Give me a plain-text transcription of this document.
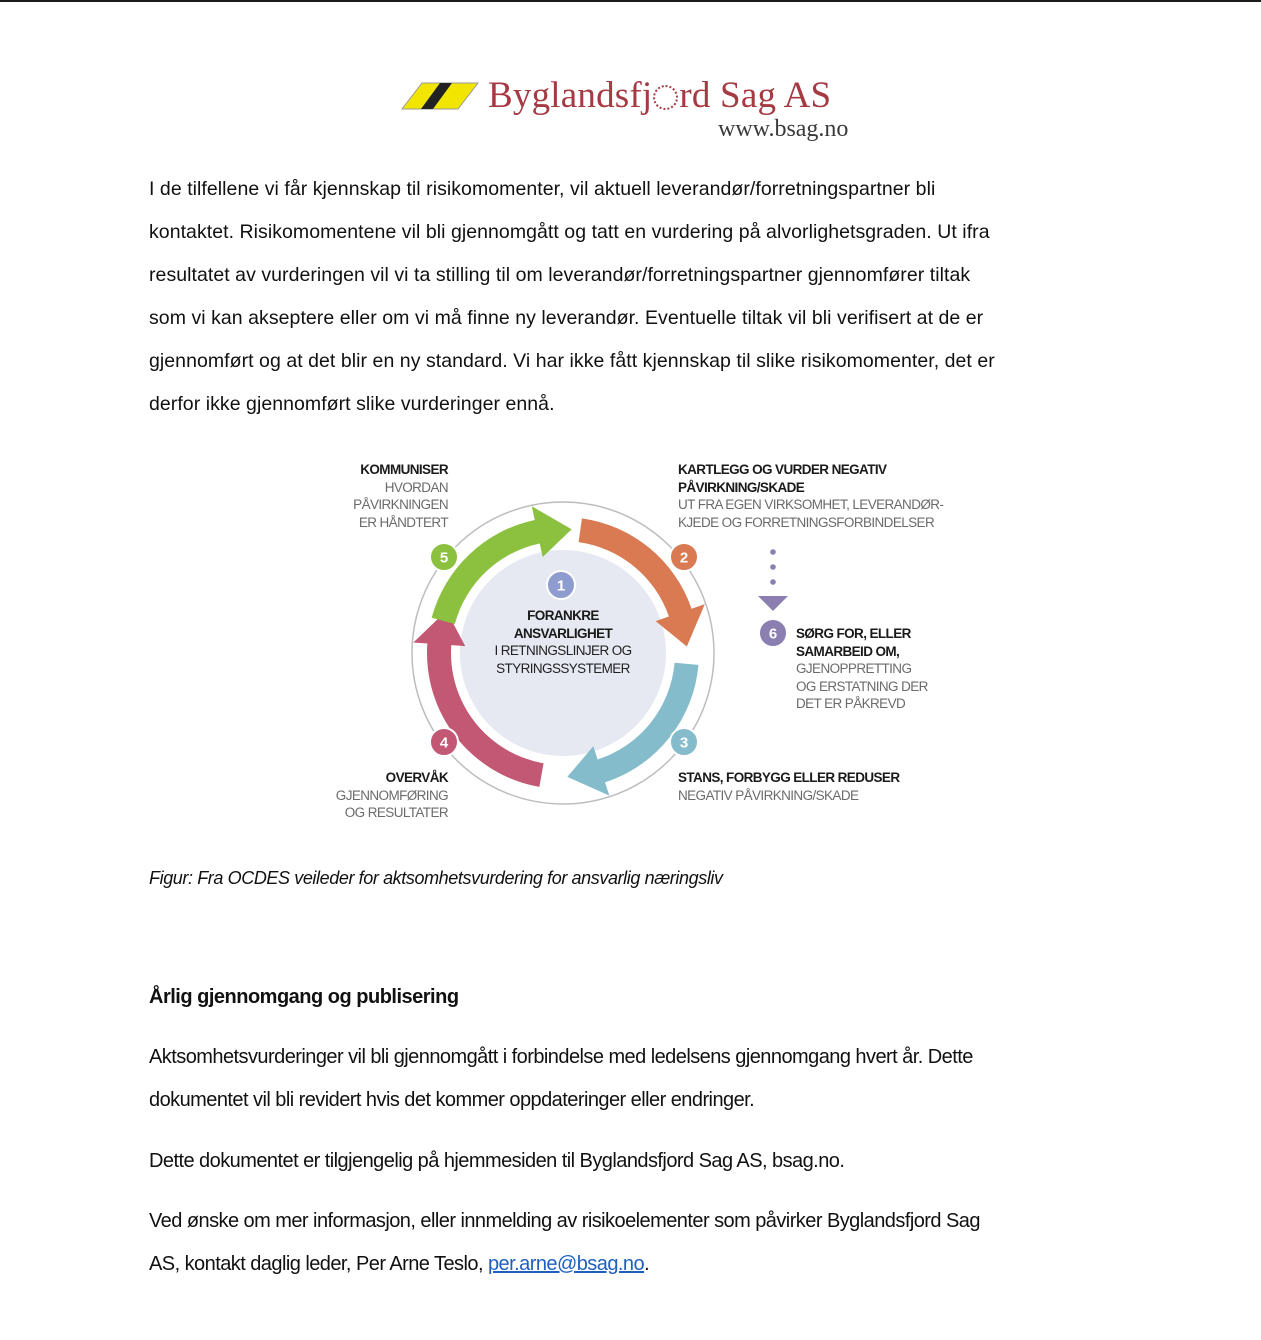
Byglandsfj rd Sag AS
www.bsag.no
I de tilfellene vi får kjennskap til risikomomenter, vil aktuell leverandør/forretningspartner bli
kontaktet. Risikomomentene vil bli gjennomgått og tatt en vurdering på alvorlighetsgraden. Ut ifra
resultatet av vurderingen vil vi ta stilling til om leverandør/forretningspartner gjennomfører tiltak
som vi kan akseptere eller om vi må finne ny leverandør. Eventuelle tiltak vil bli verifisert at de er
gjennomført og at det blir en ny standard. Vi har ikke fått kjennskap til slike risikomomenter, det er
derfor ikke gjennomført slike vurderinger ennå.
1
2
3
4
5
6
FORANKRE
ANSVARLIGHET
I RETNINGSLINJER OG
STYRINGSSYSTEMER
KARTLEGG OG VURDER NEGATIV
PÅVIRKNING/SKADE
UT FRA EGEN VIRKSOMHET, LEVERANDØR-
KJEDE OG FORRETNINGSFORBINDELSER
STANS, FORBYGG ELLER REDUSER
NEGATIV PÅVIRKNING/SKADE
OVERVÅK
GJENNOMFØRING
OG RESULTATER
KOMMUNISER
HVORDAN
PÅVIRKNINGEN
ER HÅNDTERT
SØRG FOR, ELLER
SAMARBEID OM,
GJENOPPRETTING
OG ERSTATNING DER
DET ER PÅKREVD
Figur: Fra OCDES veileder for aktsomhetsvurdering for ansvarlig næringsliv
Årlig gjennomgang og publisering
Aktsomhetsvurderinger vil bli gjennomgått i forbindelse med ledelsens gjennomgang hvert år. Dette
dokumentet vil bli revidert hvis det kommer oppdateringer eller endringer.
Dette dokumentet er tilgjengelig på hjemmesiden til Byglandsfjord Sag AS, bsag.no.
Ved ønske om mer informasjon, eller innmelding av risikoelementer som påvirker Byglandsfjord Sag
AS, kontakt daglig leder, Per Arne Teslo, per.arne@bsag.no.
